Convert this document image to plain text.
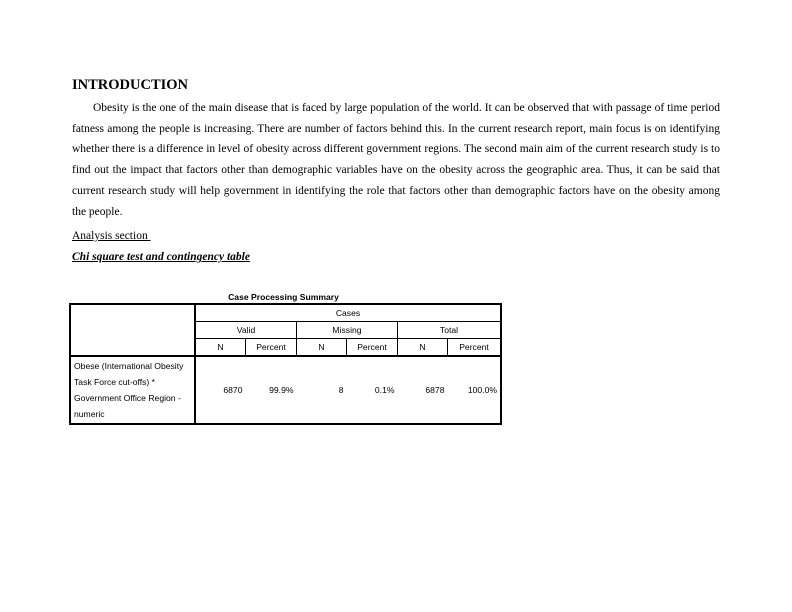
INTRODUCTION

Obesity is the one of the main disease that is faced by large population of the world. It can be observed that with passage of time period fatness among the people is increasing. There are number of factors behind this. In the current research report, main focus is on identifying whether there is a difference in level of obesity across different government regions. The second main aim of the current research study is to find out the impact that factors other than demographic variables have on the obesity across the geographic area. Thus, it can be said that current research study will help government in identifying the role that factors other than demographic factors have on the obesity among the people.

Analysis section
Chi square test and contingency table
Case Processing Summary
	Cases					
	Valid		Missing		Total	
	N	Percent	N	Percent	N	Percent
Obese (International Obesity Task Force cut-offs) * Government Office Region - numeric	6870	99.9%	8	0.1%	6878	100.0%
